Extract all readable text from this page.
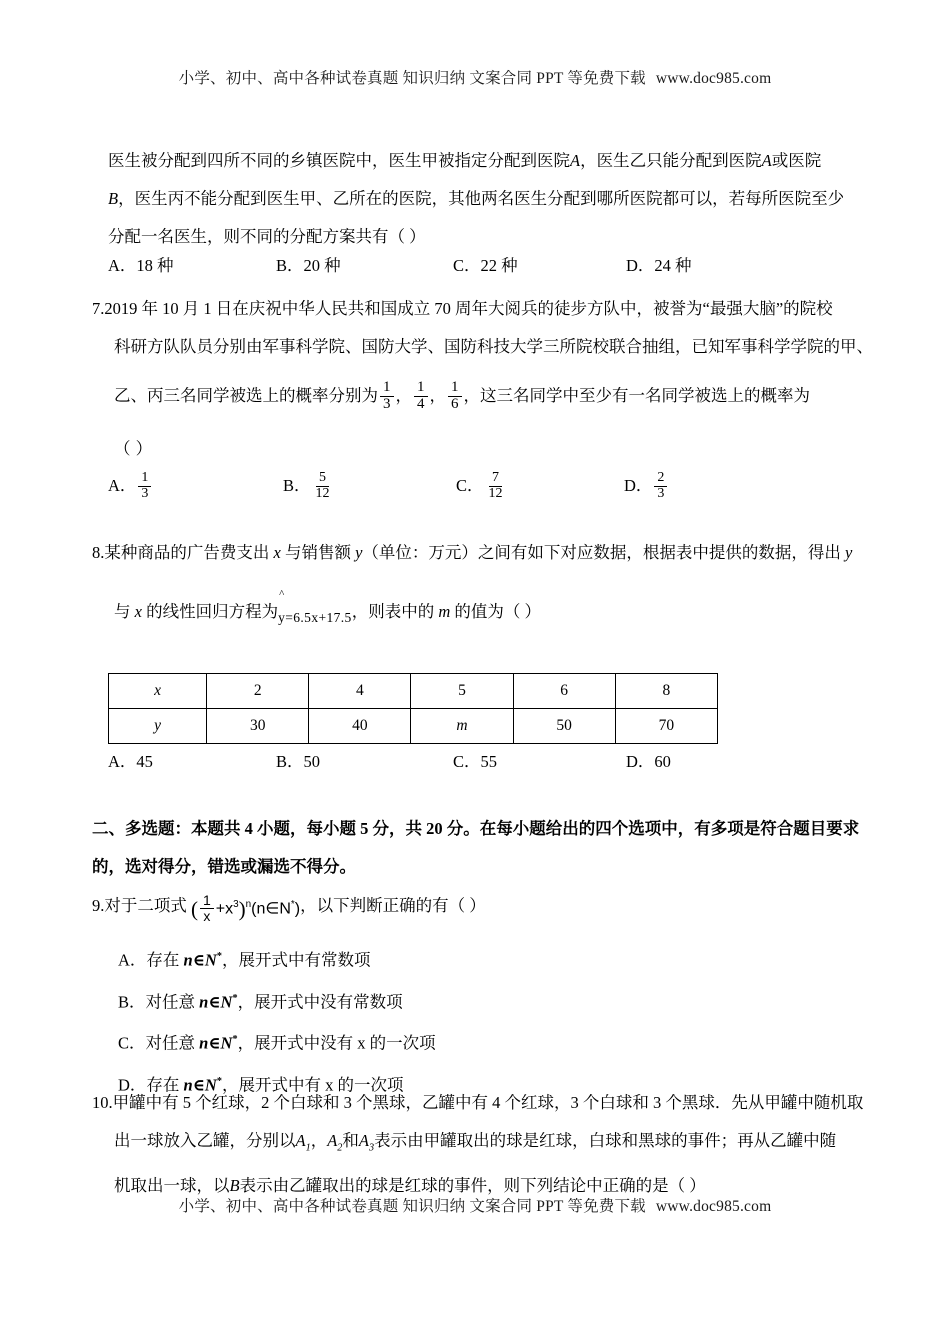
小学、初中、高中各种试卷真题 知识归纳 文案合同 PPT 等免费下载 www.doc985.com
医生被分配到四所不同的乡镇医院中，医生甲被指定分配到医院A，医生乙只能分配到医院A或医院
B，医生丙不能分配到医生甲、乙所在的医院，其他两名医生分配到哪所医院都可以，若每所医院至少
分配一名医生，则不同的分配方案共有（ ）
A．18 种	B．20 种	C．22 种	D．24 种
7.2019 年 10 月 1 日在庆祝中华人民共和国成立 70 周年大阅兵的徒步方队中，被誉为“最强大脑”的院校
科研方队队员分别由军事科学院、国防大学、国防科技大学三所院校联合抽组，已知军事科学学院的甲、
乙、丙三名同学被选上的概率分别为 $\frac{1}{3}$ ， $\frac{1}{4}$ ， $\frac{1}{6}$ ，这三名同学中至少有一名同学被选上的概率为
（ ）
A． $\frac{1}{3}$	B． $\frac{5}{12}$	C． $\frac{7}{12}$	D． $\frac{2}{3}$
8.某种商品的广告费支出 x 与销售额 y（单位：万元）之间有如下对应数据，根据表中提供的数据，得出 y
与 x 的线性回归方程为
^
y=6.5x+17.5，则表中的 m 的值为（ ）
x	2	4	5	6	8
y	30	40	m	50	70
A．45	B．50	C．55	D．60
二、多选题：本题共 4 小题，每小题 5 分，共 20 分。在每小题给出的四个选项中，有多项是符合题目要求
的，选对得分，错选或漏选不得分。
9.对于二项式 ( $\frac{1}{x}$ $+x^3)^n(n\in N^*)$，以下判断正确的有（ ）
A．存在 n∈N*，展开式中有常数项
B．对任意 n∈N*，展开式中没有常数项
C．对任意 n∈N*，展开式中没有 x 的一次项
D．存在 n∈N*，展开式中有 x 的一次项
10.甲罐中有 5 个红球，2 个白球和 3 个黑球，乙罐中有 4 个红球，3 个白球和 3 个黑球．先从甲罐中随机取
出一球放入乙罐，分别以$A_1$，$A_2$和$A_3$表示由甲罐取出的球是红球，白球和黑球的事件；再从乙罐中随
机取出一球，以B表示由乙罐取出的球是红球的事件，则下列结论中正确的是（ ）
小学、初中、高中各种试卷真题 知识归纳 文案合同 PPT 等免费下载 www.doc985.com
